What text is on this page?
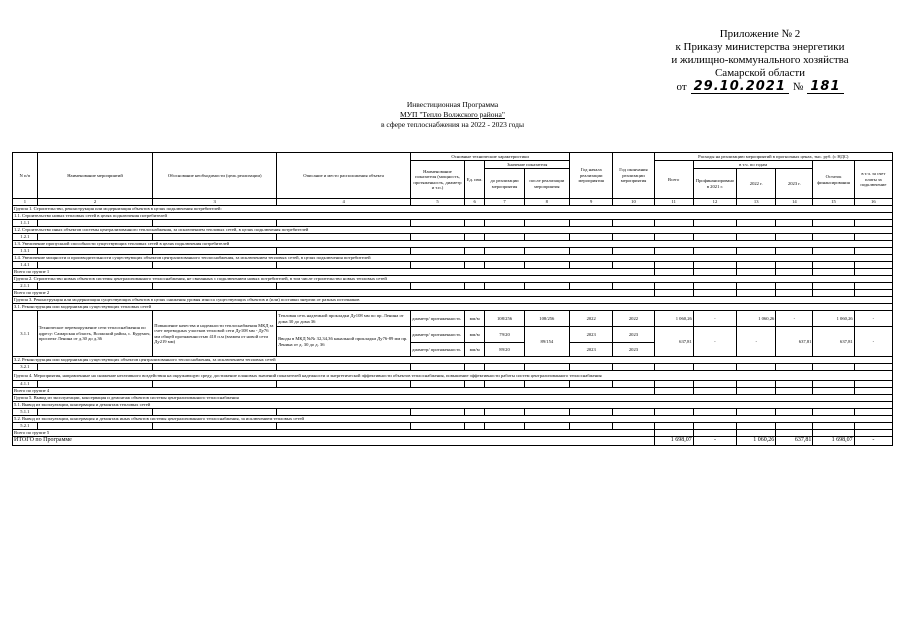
Приложение № 2
к Приказу министерства энергетики
и жилищно-коммунального хозяйства
Самарской области
от 29.10.2021 № 181
Инвестиционная Программа
МУП "Тепло Волжского района"
в сфере теплоснабжения на 2022 - 2023 годы
N п/п	Наименование мероприятий	Обоснование необходимости (цель реализации)	Описание и место расположения объекта	Основные технические характеристики				Год начала реализации мероприятия	Год окончания реализации мероприятия	Расходы на реализацию мероприятий в прогнозных ценах, тыс. руб. (с НДС)					
				Наименование показателя (мощность, протяженность, диаметр и т.п.)	Ед. изм.	Значение показателя				Всего	в т.ч. по годам			Остаток финансирования	в т.ч. за счет платы за подключение
						до реализации мероприятия	после реализации мероприятия				Профинансировано в 2021 г.	2022 г.	2023 г.		
1	2	3	4	5	6	7	8	9	10	11	12	13	14	15	16
Группа 1. Строительство, реконструкция или модернизация объектов в целях подключения потребителей:															
1.1. Строительство новых тепловых сетей в целях подключения потребителей															
1.1.1															
1.2. Строительство иных объектов системы централизованного теплоснабжения, за исключением тепловых сетей, в целях подключения потребителей															
1.2.1															
1.3. Увеличение пропускной способности существующих тепловых сетей в целях подключения потребителей															
1.3.1															
1.4. Увеличение мощности и производительности существующих объектов централизованного теплоснабжения, за исключением тепловых сетей, в целях подключения потребителей															
1.4.1															
Всего по группе 1															
Группа 2. Строительство новых объектов системы централизованного теплоснабжения, не связанных с подключением новых потребителей, в том числе строительство новых тепловых сетей															
2.1.1															
Всего по группе 2															
Группа 3. Реконструкция или модернизация существующих объектов в целях снижения уровня износа существующих объектов и (или) поставки энергии от разных источников															
3.1. Реконструкция или модернизация существующих тепловых сетей															
3.1.1	Техническое перевооружение сети теплоснабжения по адресу: Самарская область, Волжский район, с. Курумоч, проспект Ленина от д.30 до д.36	Повышение качества и надежности теплоснабжения МКД за счет переводных участков тепловой сети Ду108 мм - Ду76 мм общей протяженностью 410 п.м (взамен от новой сети Ду219 мм)	Тепловая сеть надземной прокладки Ду108 мм по пр. Ленина от дома 30 до дома 36	диаметр/ протяженность	мм/м	108/256	108/256	2022	2022	1 060,26	-	1 060,26	-	1 060,26	-
			Вводы в МКД №№ 32,34,36 канальной прокладки Ду76-89 мм пр. Ленина от д. 30 до д. 36	диаметр/ протяженность	мм/м	79/20	89/154	2023	2023	637,81	-	-	637,81	637,81	-
				диаметр/ протяженность	мм/м	89/20		2023	2023						
3.2. Реконструкция или модернизация существующих объектов централизованного теплоснабжения, за исключением тепловых сетей															
3.2.1															
Группа 4. Мероприятия, направленные на снижение негативного воздействия на окружающую среду, достижение плановых значений показателей надежности и энергетической эффективности объектов теплоснабжения, повышение эффективности работы систем централизованного теплоснабжения															
4.1.1															
Всего по группе 4															
Группа 5. Вывод из эксплуатации, консервация и демонтаж объектов системы централизованного теплоснабжения															
5.1. Вывод из эксплуатации, консервация и демонтаж тепловых сетей															
5.1.1															
5.2. Вывод из эксплуатации, консервация и демонтаж иных объектов системы централизованного теплоснабжения, за исключением тепловых сетей															
5.2.1															
Всего по группе 5															
ИТОГО по Программе										1 698,07	-	1 060,26	637,81	1 698,07	-
